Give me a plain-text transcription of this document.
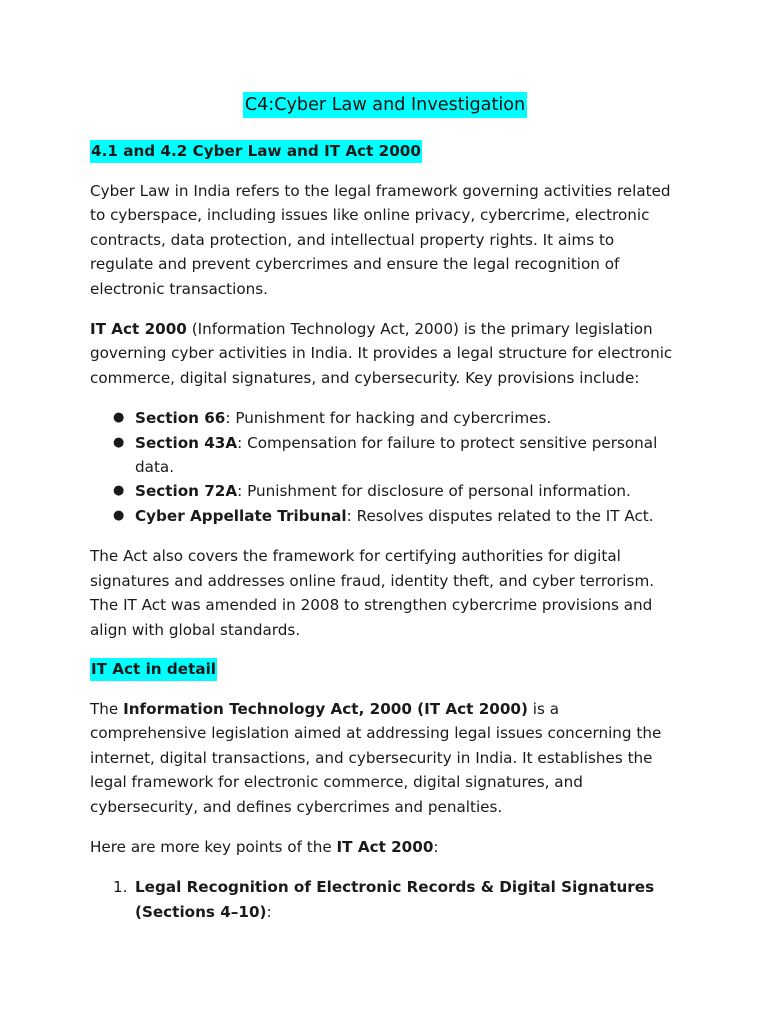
C4:Cyber Law and Investigation
4.1 and 4.2 Cyber Law and IT Act 2000

Cyber Law in India refers to the legal framework governing activities related to cyberspace, including issues like online privacy, cybercrime, electronic contracts, data protection, and intellectual property rights. It aims to regulate and prevent cybercrimes and ensure the legal recognition of electronic transactions.

IT Act 2000 (Information Technology Act, 2000) is the primary legislation governing cyber activities in India. It provides a legal structure for electronic commerce, digital signatures, and cybersecurity. Key provisions include:

● Section 66: Punishment for hacking and cybercrimes.
● Section 43A: Compensation for failure to protect sensitive personal data.
● Section 72A: Punishment for disclosure of personal information.
● Cyber Appellate Tribunal: Resolves disputes related to the IT Act.

The Act also covers the framework for certifying authorities for digital signatures and addresses online fraud, identity theft, and cyber terrorism. The IT Act was amended in 2008 to strengthen cybercrime provisions and align with global standards.

IT Act in detail

The Information Technology Act, 2000 (IT Act 2000) is a comprehensive legislation aimed at addressing legal issues concerning the internet, digital transactions, and cybersecurity in India. It establishes the legal framework for electronic commerce, digital signatures, and cybersecurity, and defines cybercrimes and penalties.

Here are more key points of the IT Act 2000:

1. Legal Recognition of Electronic Records & Digital Signatures (Sections 4–10):
